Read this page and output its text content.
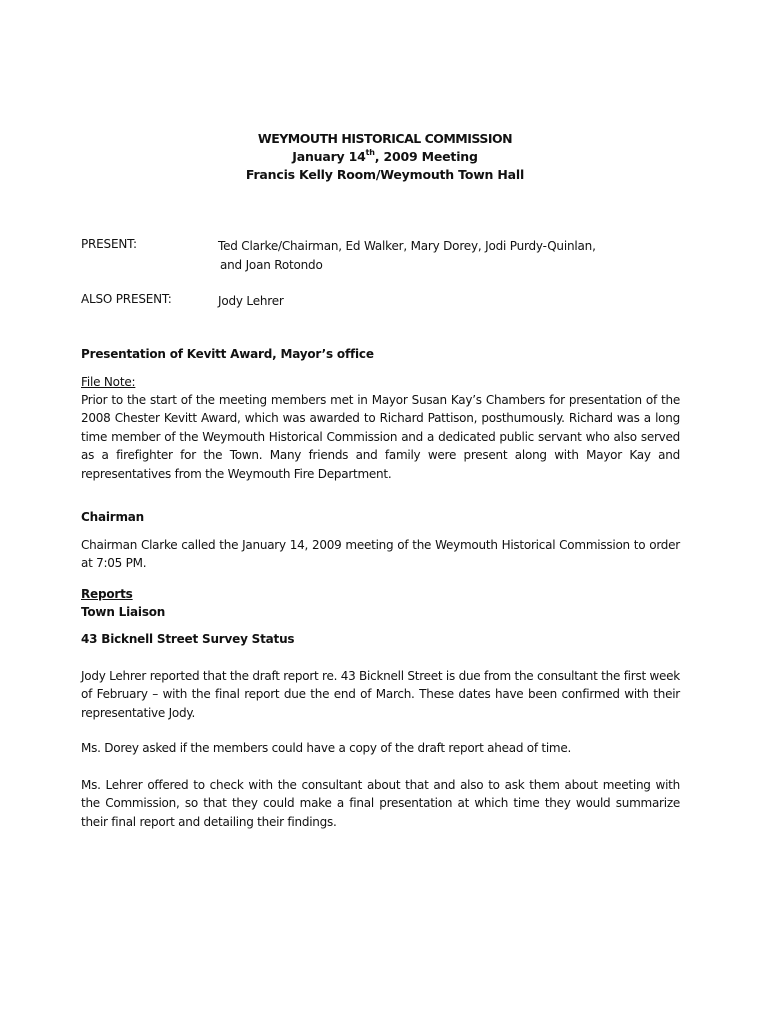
WEYMOUTH HISTORICAL COMMISSION
January 14th, 2009 Meeting
Francis Kelly Room/Weymouth Town Hall
PRESENT:	Ted Clarke/Chairman, Ed Walker, Mary Dorey, Jodi Purdy-Quinlan,
and Joan Rotondo
ALSO PRESENT:	Jody Lehrer
Presentation of Kevitt Award, Mayor’s office
File Note:
Prior to the start of the meeting members met in Mayor Susan Kay’s Chambers for presentation of the 2008 Chester Kevitt Award, which was awarded to Richard Pattison, posthumously. Richard was a long time member of the Weymouth Historical Commission and a dedicated public servant who also served as a firefighter for the Town. Many friends and family were present along with Mayor Kay and representatives from the Weymouth Fire Department.
Chairman
Chairman Clarke called the January 14, 2009 meeting of the Weymouth Historical Commission to order at 7:05 PM.
Reports
Town Liaison
43 Bicknell Street Survey Status
Jody Lehrer reported that the draft report re. 43 Bicknell Street is due from the consultant the first week of February – with the final report due the end of March. These dates have been confirmed with their representative Jody.
Ms. Dorey asked if the members could have a copy of the draft report ahead of time.
Ms. Lehrer offered to check with the consultant about that and also to ask them about meeting with the Commission, so that they could make a final presentation at which time they would summarize their final report and detailing their findings.
